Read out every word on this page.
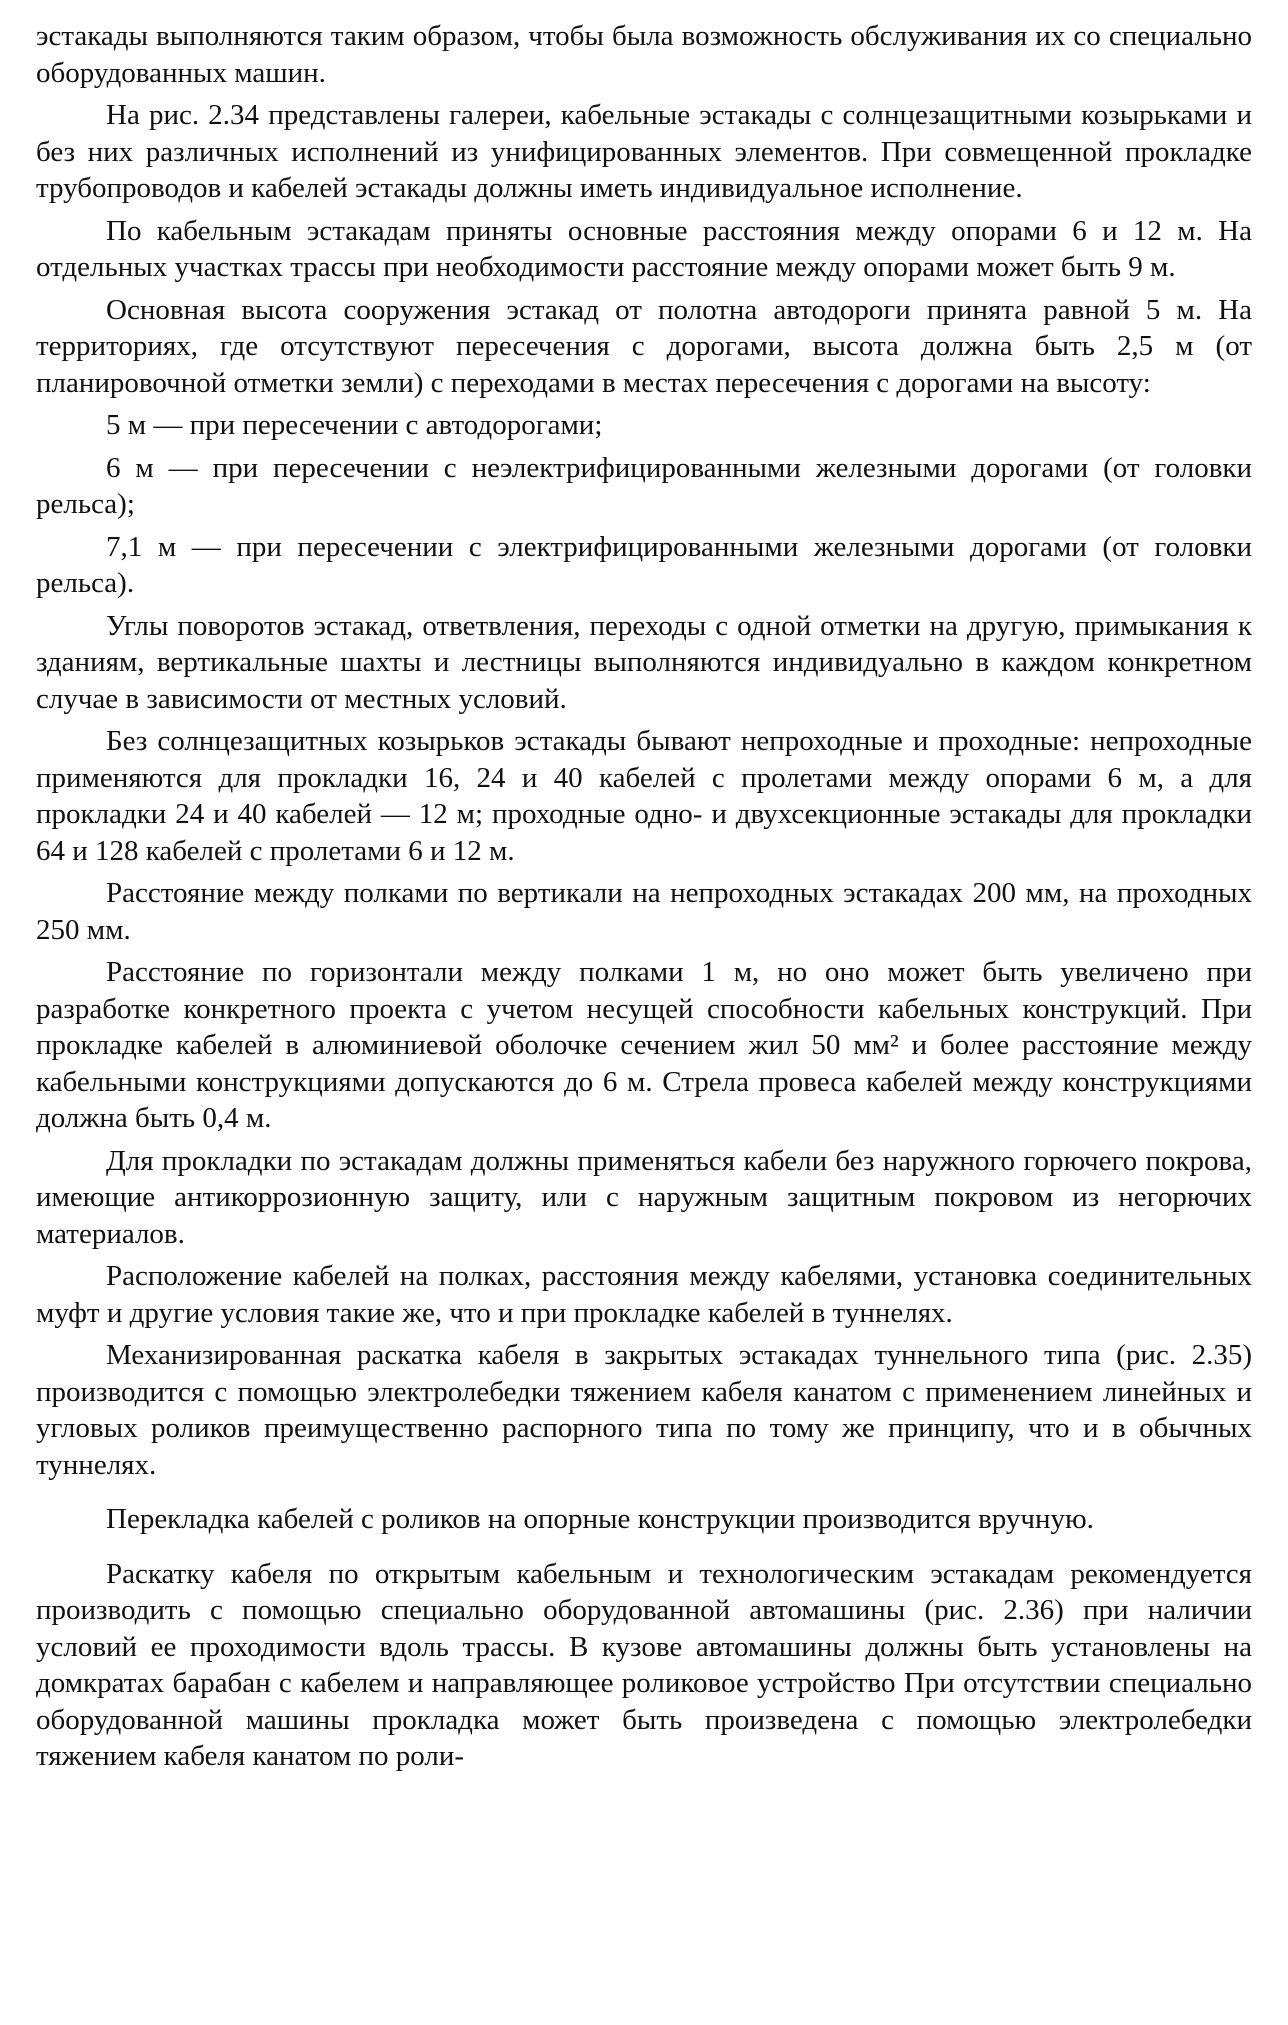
эстакады выполняются таким образом, чтобы была возможность обслуживания их со специально оборудованных машин.

На рис. 2.34 представлены галереи, кабельные эстакады с солнцезащитными козырьками и без них различных исполнений из унифицированных элементов. При совмещенной прокладке трубопроводов и кабелей эстакады должны иметь индивидуальное исполнение.

По кабельным эстакадам приняты основные расстояния между опорами 6 и 12 м. На отдельных участках трассы при необходимости расстояние между опорами может быть 9 м.

Основная высота сооружения эстакад от полотна автодороги принята равной 5 м. На территориях, где отсутствуют пересечения с дорогами, высота должна быть 2,5 м (от планировочной отметки земли) с переходами в местах пересечения с дорогами на высоту:

5 м — при пересечении с автодорогами;

6 м — при пересечении с неэлектрифицированными железными дорогами (от головки рельса);

7,1 м — при пересечении с электрифицированными железными дорогами (от головки рельса).

Углы поворотов эстакад, ответвления, переходы с одной отметки на другую, примыкания к зданиям, вертикальные шахты и лестницы выполняются индивидуально в каждом конкретном случае в зависимости от местных условий.

Без солнцезащитных козырьков эстакады бывают непроходные и проходные: непроходные применяются для прокладки 16, 24 и 40 кабелей с пролетами между опорами 6 м, а для прокладки 24 и 40 кабелей — 12 м; проходные одно- и двухсекционные эстакады для прокладки 64 и 128 кабелей с пролетами 6 и 12 м.

Расстояние между полками по вертикали на непроходных эстакадах 200 мм, на проходных 250 мм.

Расстояние по горизонтали между полками 1 м, но оно может быть увеличено при разработке конкретного проекта с учетом несущей способности кабельных конструкций. При прокладке кабелей в алюминиевой оболочке сечением жил 50 мм² и более расстояние между кабельными конструкциями допускаются до 6 м. Стрела провеса кабелей между конструкциями должна быть 0,4 м.

Для прокладки по эстакадам должны применяться кабели без наружного горючего покрова, имеющие антикоррозионную защиту, или с наружным защитным покровом из негорючих материалов.

Расположение кабелей на полках, расстояния между кабелями, установка соединительных муфт и другие условия такие же, что и при прокладке кабелей в туннелях.

Механизированная раскатка кабеля в закрытых эстакадах туннельного типа (рис. 2.35) производится с помощью электролебедки тяжением кабеля канатом с применением линейных и угловых роликов преимущественно распорного типа по тому же принципу, что и в обычных туннелях.

Перекладка кабелей с роликов на опорные конструкции производится вручную.

Раскатку кабеля по открытым кабельным и технологическим эстакадам рекомендуется производить с помощью специально оборудованной автомашины (рис. 2.36) при наличии условий ее проходимости вдоль трассы. В кузове автомашины должны быть установлены на домкратах барабан с кабелем и направляющее роликовое устройство При отсутствии специально оборудованной машины прокладка может быть произведена с помощью электролебедки тяжением кабеля канатом по роли-
